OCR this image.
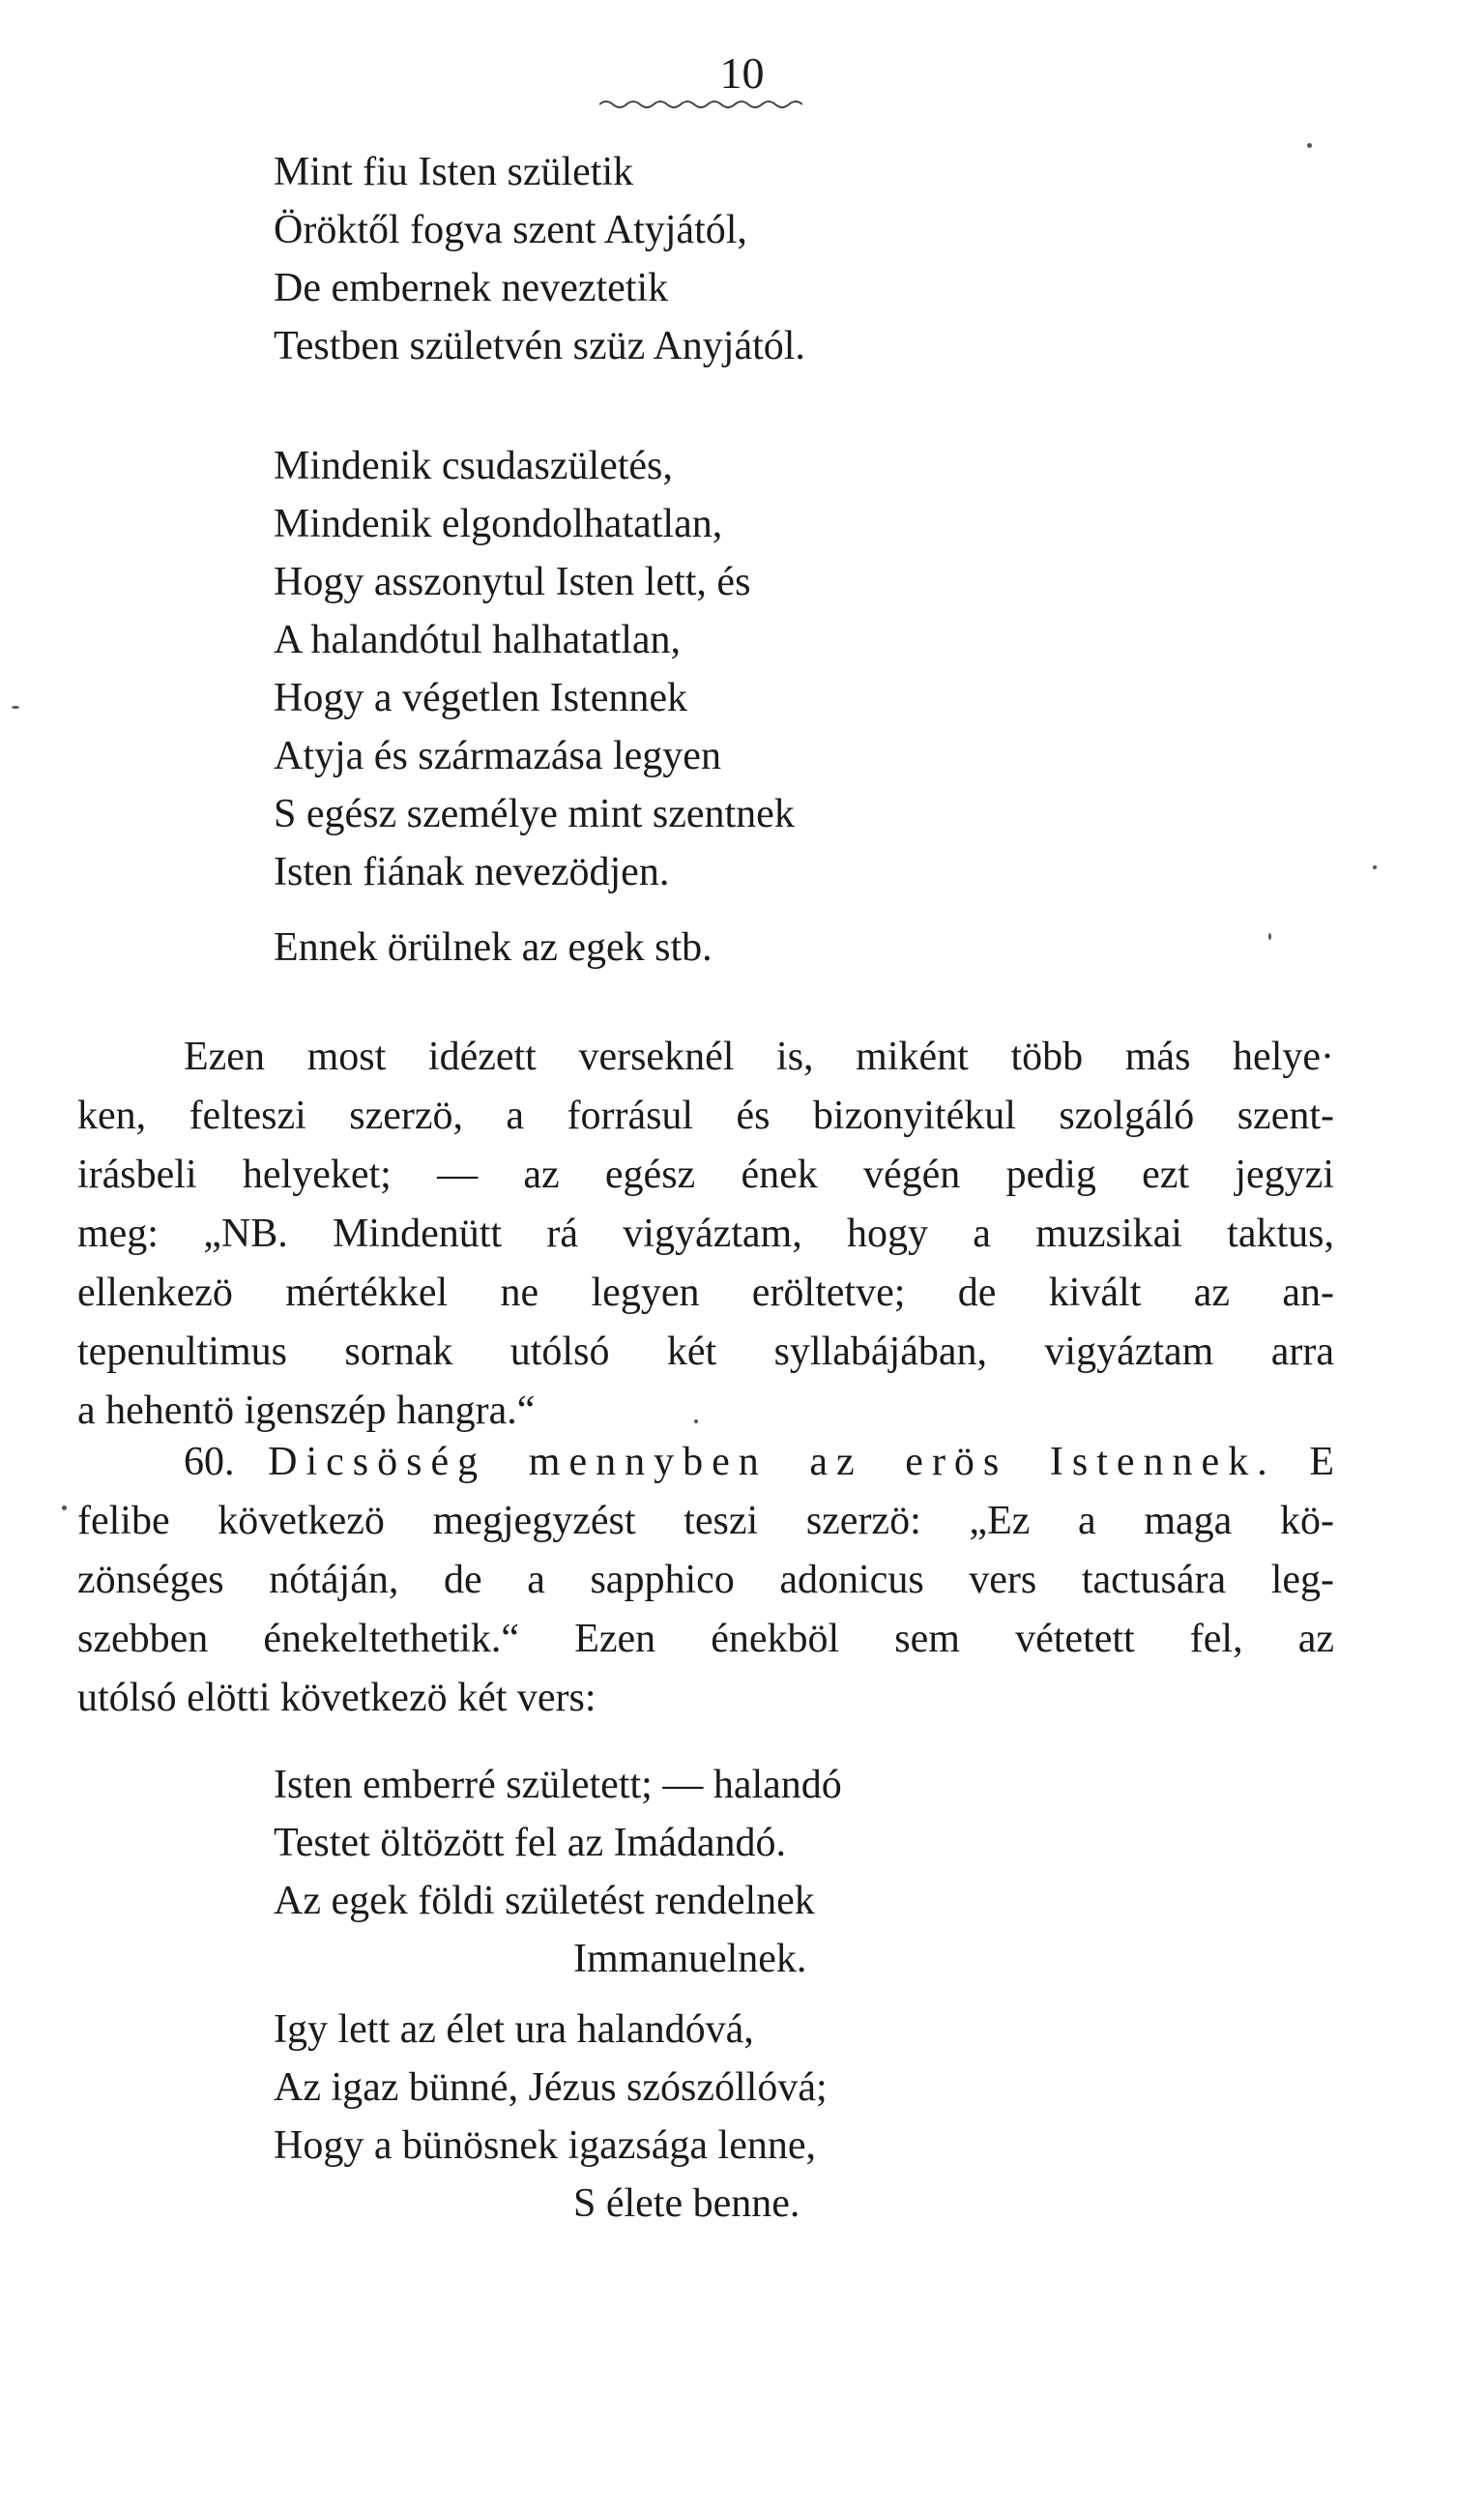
10
Mint fiu Isten születik
Öröktől fogva szent Atyjától,
De embernek neveztetik
Testben születvén szüz Anyjától.
Mindenik csudaszületés,
Mindenik elgondolhatatlan,
Hogy asszonytul Isten lett, és
A halandótul halhatatlan,
Hogy a végetlen Istennek
Atyja és származása legyen
S egész személye mint szentnek
Isten fiának nevezödjen.
Ennek örülnek az egek stb.
Ezen most idézett verseknél is, miként több más helye·
ken, felteszi szerzö, a forrásul és bizonyitékul szolgáló szent-
irásbeli helyeket; — az egész ének végén pedig ezt jegyzi
meg: „NB. Mindenütt rá vigyáztam, hogy a muzsikai taktus,
ellenkezö mértékkel ne legyen eröltetve; de kivált az an-
tepenultimus sornak utólsó két syllabájában, vigyáztam arra
a hehentö igenszép hangra.“
60. Dicsöség mennyben az erös Istennek. E
felibe következö megjegyzést teszi szerzö: „Ez a maga kö-
zönséges nótáján, de a sapphico adonicus vers tactusára leg-
szebben énekeltethetik.“ Ezen énekböl sem vétetett fel, az
utólsó elötti következö két vers:
Isten emberré született; — halandó
Testet öltözött fel az Imádandó.
Az egek földi születést rendelnek
Immanuelnek.
Igy lett az élet ura halandóvá,
Az igaz bünné, Jézus szószóllóvá;
Hogy a bünösnek igazsága lenne,
S élete benne.
